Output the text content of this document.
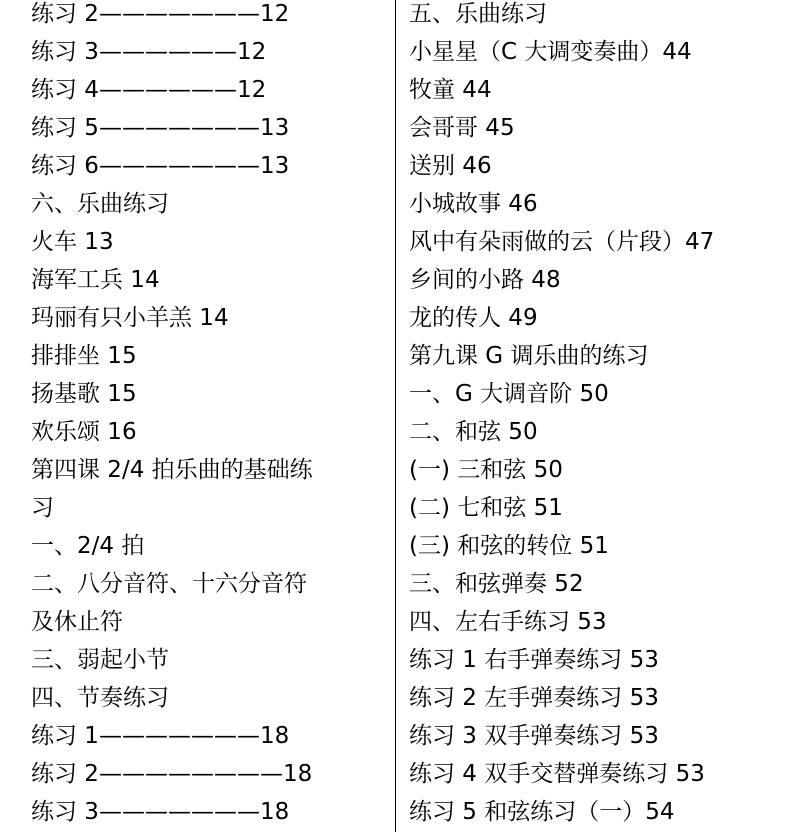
练习 2———————12
练习 3——————12
练习 4——————12
练习 5———————13
练习 6———————13
六、乐曲练习
火车 13
海军工兵 14
玛丽有只小羊羔 14
排排坐 15
扬基歌 15
欢乐颂 16
第四课 2/4 拍乐曲的基础练
习
一、2/4 拍
二、八分音符、十六分音符
及休止符
三、弱起小节
四、节奏练习
练习 1———————18
练习 2————————18
练习 3———————18
五、乐曲练习
小星星（C 大调变奏曲）44
牧童 44
会哥哥 45
送别 46
小城故事 46
风中有朵雨做的云（片段）47
乡间的小路 48
龙的传人 49
第九课 G 调乐曲的练习
一、G 大调音阶 50
二、和弦 50
(一) 三和弦 50
(二) 七和弦 51
(三) 和弦的转位 51
三、和弦弹奏 52
四、左右手练习 53
练习 1 右手弹奏练习 53
练习 2 左手弹奏练习 53
练习 3 双手弹奏练习 53
练习 4 双手交替弹奏练习 53
练习 5 和弦练习（一）54
